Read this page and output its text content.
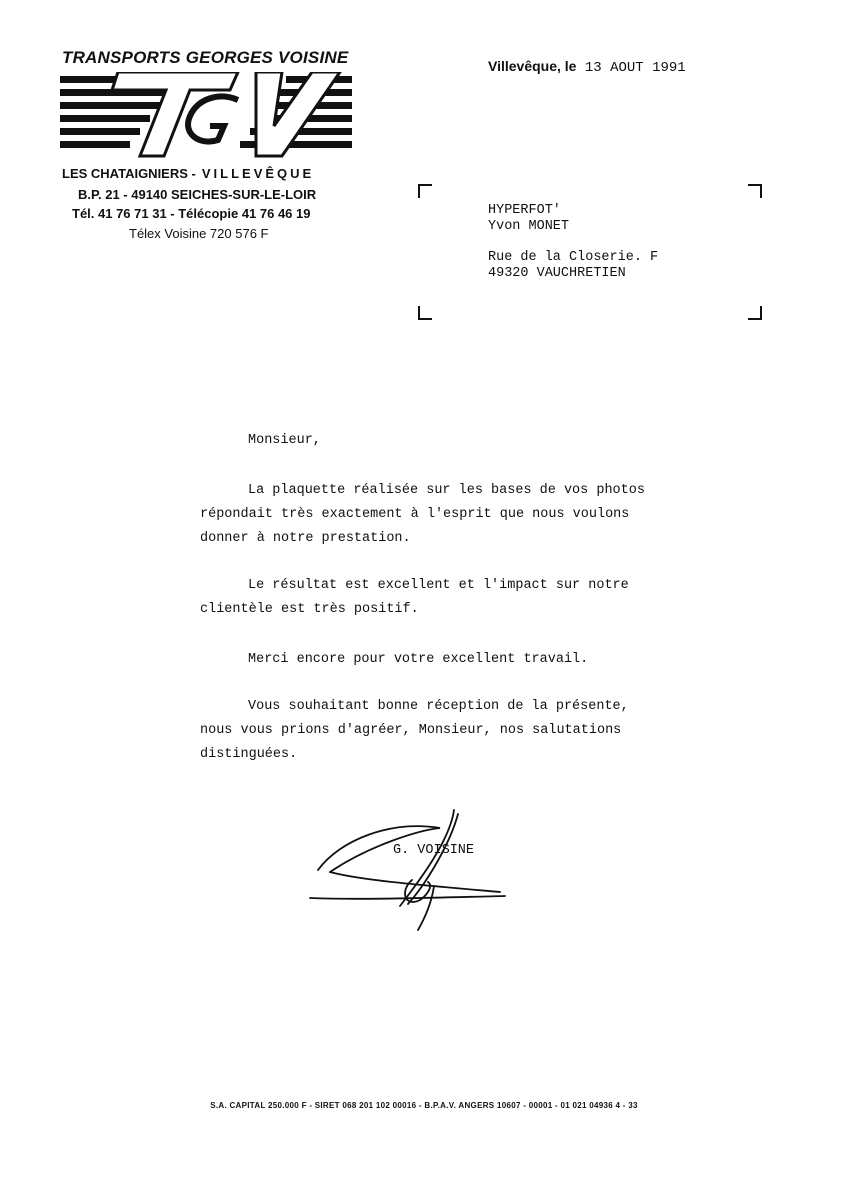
TRANSPORTS GEORGES VOISINE
LES CHATAIGNIERS - VILLEVÊQUE
B.P. 21 - 49140 SEICHES-SUR-LE-LOIR
Tél. 41 76 71 31 - Télécopie 41 76 46 19
Télex Voisine 720 576 F
Villevêque, le 13 AOUT 1991
HYPERFOT'
Yvon MONET
Rue de la Closerie. F
49320 VAUCHRETIEN
Monsieur,
La plaquette réalisée sur les bases de vos photos
répondait très exactement à l'esprit que nous voulons
donner à notre prestation.
Le résultat est excellent et l'impact sur notre
clientèle est très positif.
Merci encore pour votre excellent travail.
Vous souhaitant bonne réception de la présente,
nous vous prions d'agréer, Monsieur, nos salutations
distinguées.
G. VOISINE
S.A. CAPITAL 250.000 F - SIRET 068 201 102 00016 - B.P.A.V. ANGERS 10607 - 00001 - 01 021 04936 4 - 33
